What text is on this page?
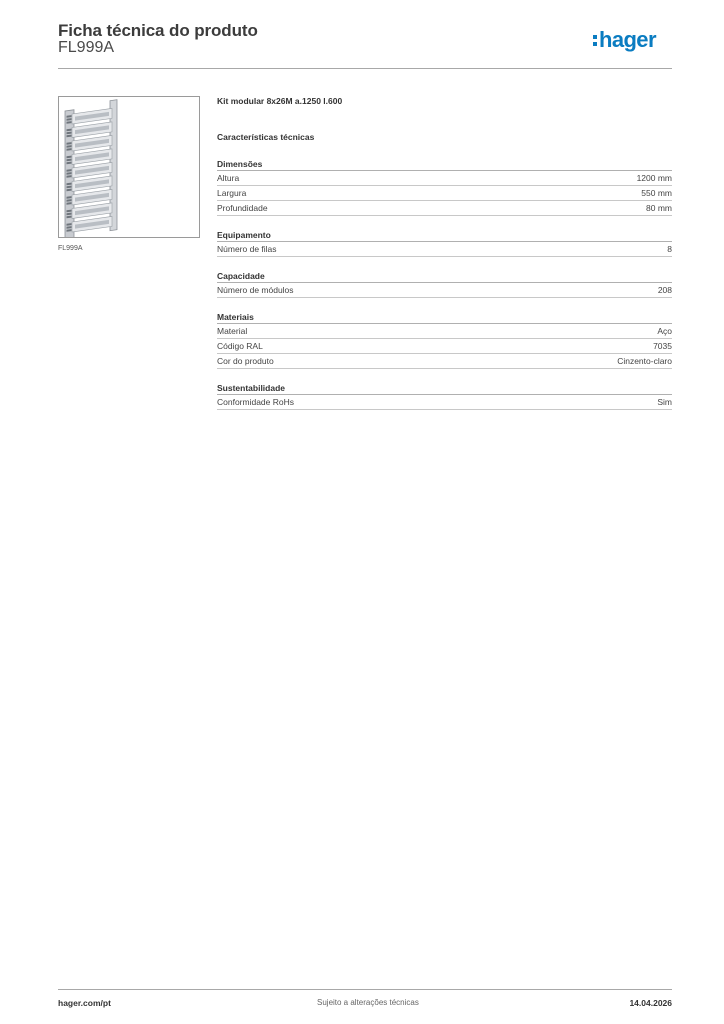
Ficha técnica do produto
FL999A	hager
FL999A
Kit modular 8x26M a.1250 l.600
Características técnicas
Dimensões
Altura	1200 mm
Largura	550 mm
Profundidade	80 mm
Equipamento
Número de filas	8
Capacidade
Número de módulos	208
Materiais
Material	Aço
Código RAL	7035
Cor do produto	Cinzento-claro
Sustentabilidade
Conformidade RoHs	Sim
hager.com/pt	Sujeito a alterações técnicas	14.04.2026
